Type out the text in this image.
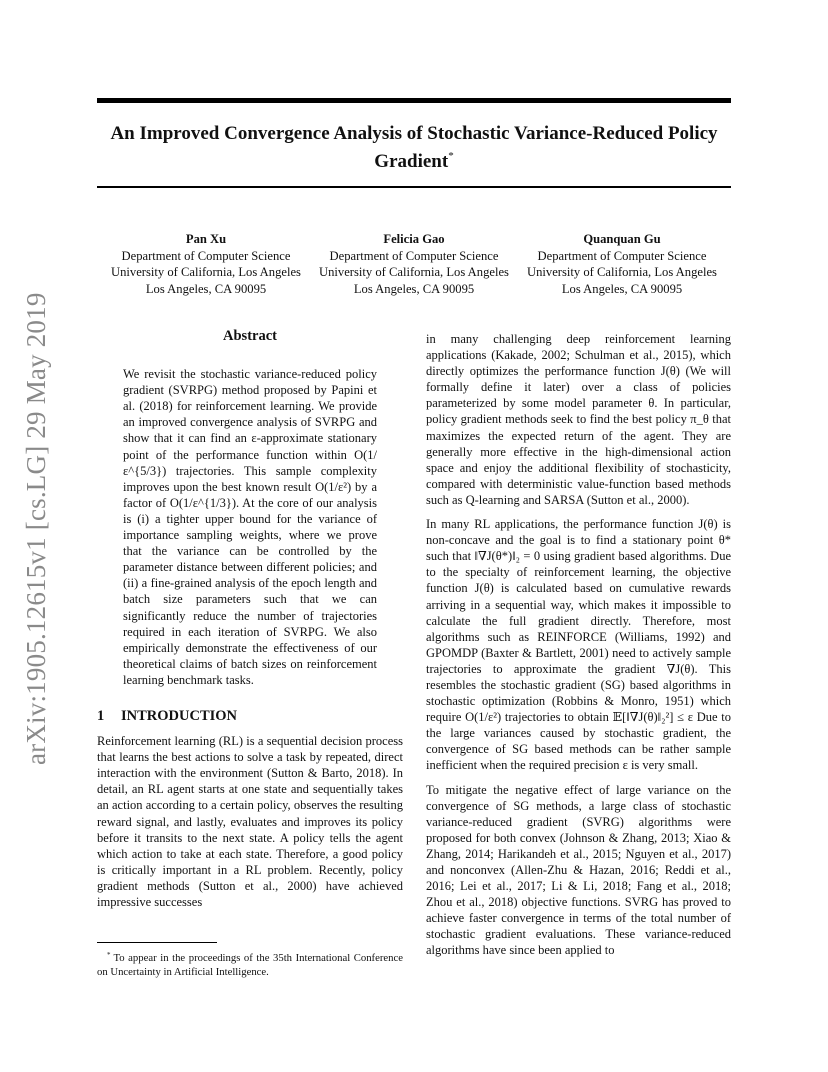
arXiv:1905.12615v1 [cs.LG] 29 May 2019
An Improved Convergence Analysis of Stochastic Variance-Reduced Policy Gradient*
Pan Xu
Department of Computer Science
University of California, Los Angeles
Los Angeles, CA 90095
Felicia Gao
Department of Computer Science
University of California, Los Angeles
Los Angeles, CA 90095
Quanquan Gu
Department of Computer Science
University of California, Los Angeles
Los Angeles, CA 90095
Abstract

We revisit the stochastic variance-reduced policy gradient (SVRPG) method proposed by Papini et al. (2018) for reinforcement learning. We provide an improved convergence analysis of SVRPG and show that it can find an ε-approximate stationary point of the performance function within O(1/ε^{5/3}) trajectories. This sample complexity improves upon the best known result O(1/ε²) by a factor of O(1/ε^{1/3}). At the core of our analysis is (i) a tighter upper bound for the variance of importance sampling weights, where we prove that the variance can be controlled by the parameter distance between different policies; and (ii) a fine-grained analysis of the epoch length and batch size parameters such that we can significantly reduce the number of trajectories required in each iteration of SVRPG. We also empirically demonstrate the effectiveness of our theoretical claims of batch sizes on reinforcement learning benchmark tasks.

1 INTRODUCTION

Reinforcement learning (RL) is a sequential decision process that learns the best actions to solve a task by repeated, direct interaction with the environment (Sutton & Barto, 2018). In detail, an RL agent starts at one state and sequentially takes an action according to a certain policy, observes the resulting reward signal, and lastly, evaluates and improves its policy before it transits to the next state. A policy tells the agent which action to take at each state. Therefore, a good policy is critically important in a RL problem. Recently, policy gradient methods (Sutton et al., 2000) have achieved impressive successes

in many challenging deep reinforcement learning applications (Kakade, 2002; Schulman et al., 2015), which directly optimizes the performance function J(θ) (We will formally define it later) over a class of policies parameterized by some model parameter θ. In particular, policy gradient methods seek to find the best policy π_θ that maximizes the expected return of the agent. They are generally more effective in the high-dimensional action space and enjoy the additional flexibility of stochasticity, compared with deterministic value-function based methods such as Q-learning and SARSA (Sutton et al., 2000).

In many RL applications, the performance function J(θ) is non-concave and the goal is to find a stationary point θ* such that ‖∇J(θ*)‖₂ = 0 using gradient based algorithms. Due to the specialty of reinforcement learning, the objective function J(θ) is calculated based on cumulative rewards arriving in a sequential way, which makes it impossible to calculate the full gradient directly. Therefore, most algorithms such as REINFORCE (Williams, 1992) and GPOMDP (Baxter & Bartlett, 2001) need to actively sample trajectories to approximate the gradient ∇J(θ). This resembles the stochastic gradient (SG) based algorithms in stochastic optimization (Robbins & Monro, 1951) which require O(1/ε²) trajectories to obtain 𝔼[‖∇J(θ)‖₂²] ≤ ε Due to the large variances caused by stochastic gradient, the convergence of SG based methods can be rather sample inefficient when the required precision ε is very small.

To mitigate the negative effect of large variance on the convergence of SG methods, a large class of stochastic variance-reduced gradient (SVRG) algorithms were proposed for both convex (Johnson & Zhang, 2013; Xiao & Zhang, 2014; Harikandeh et al., 2015; Nguyen et al., 2017) and nonconvex (Allen-Zhu & Hazan, 2016; Reddi et al., 2016; Lei et al., 2017; Li & Li, 2018; Fang et al., 2018; Zhou et al., 2018) objective functions. SVRG has proved to achieve faster convergence in terms of the total number of stochastic gradient evaluations. These variance-reduced algorithms have since been applied to

* To appear in the proceedings of the 35th International Conference on Uncertainty in Artificial Intelligence.
